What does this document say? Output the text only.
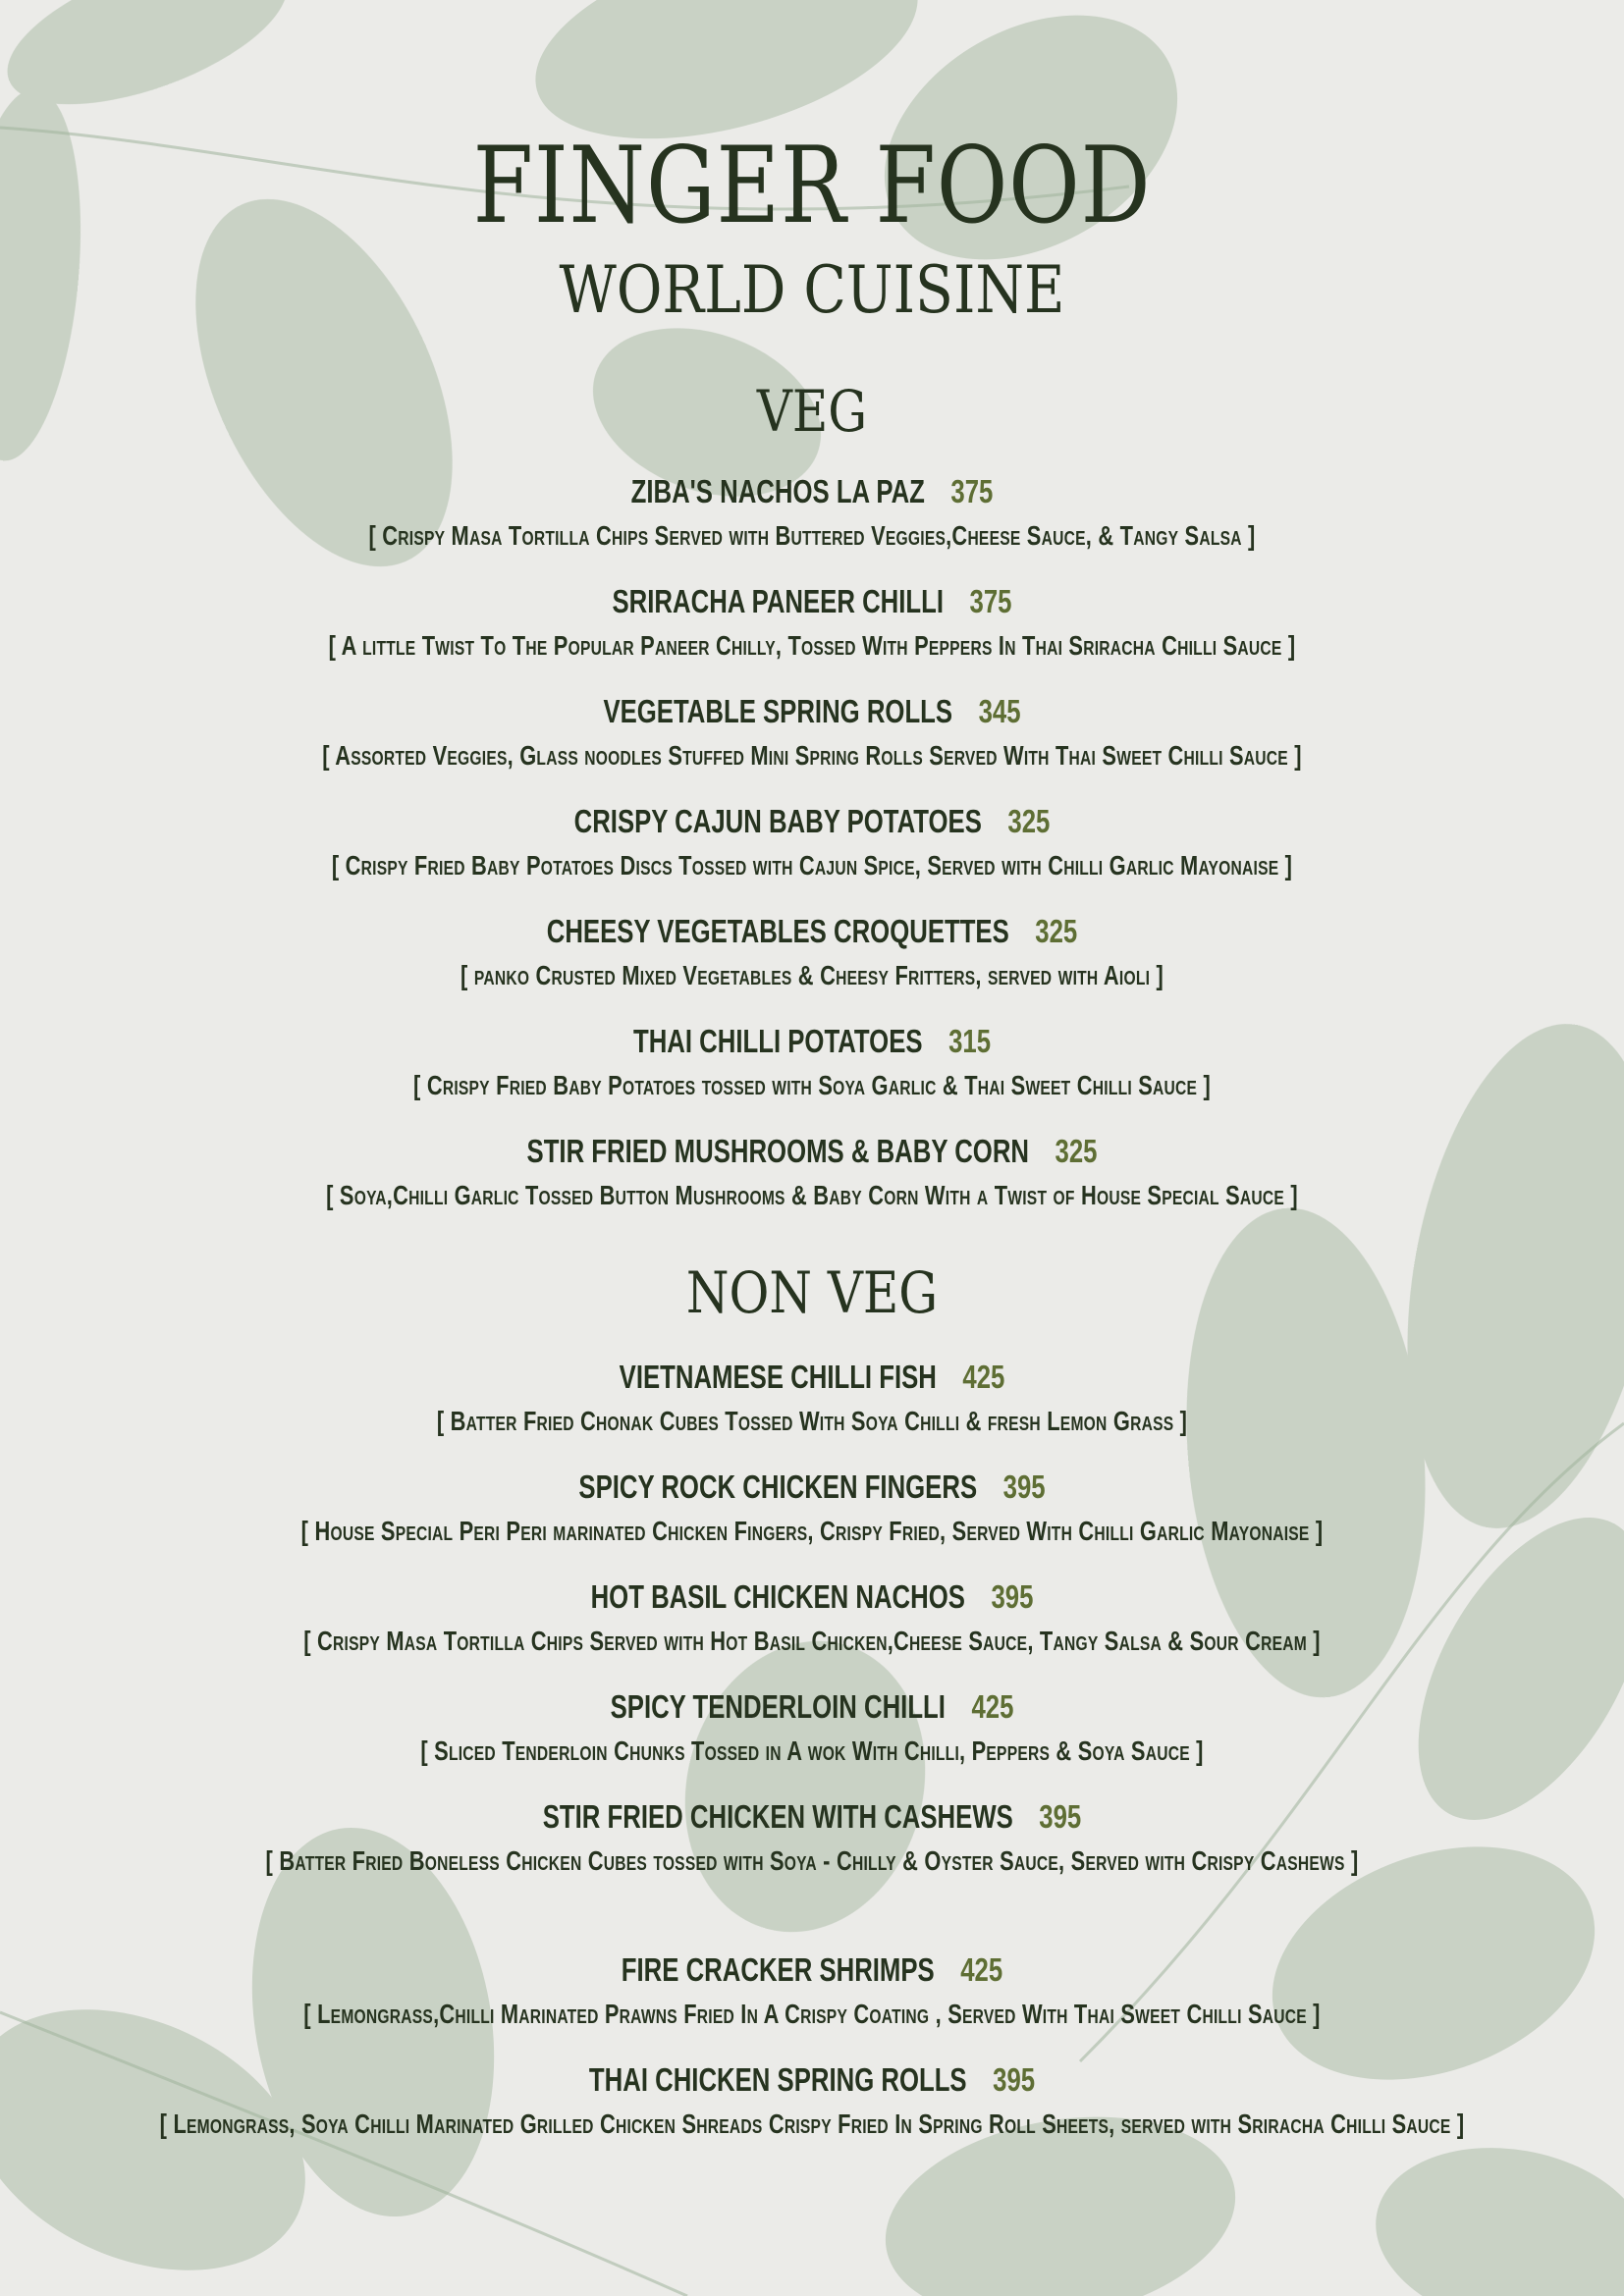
FINGER FOOD
WORLD CUISINE
VEG
ZIBA'S NACHOS LA PAZ 375
[ Crispy Masa Tortilla Chips Served with Buttered Veggies,Cheese Sauce, & Tangy Salsa ]
SRIRACHA PANEER CHILLI 375
[ A little Twist To The Popular Paneer Chilly, Tossed With Peppers In Thai Sriracha Chilli Sauce ]
VEGETABLE SPRING ROLLS 345
[ Assorted Veggies, Glass noodles Stuffed Mini Spring Rolls Served With Thai Sweet Chilli Sauce ]
CRISPY CAJUN BABY POTATOES 325
[ Crispy Fried Baby Potatoes Discs Tossed with Cajun Spice, Served with Chilli Garlic Mayonaise ]
CHEESY VEGETABLES CROQUETTES 325
[ panko Crusted Mixed Vegetables & Cheesy Fritters, served with Aioli ]
THAI CHILLI POTATOES 315
[ Crispy Fried Baby Potatoes tossed with Soya Garlic & Thai Sweet Chilli Sauce ]
STIR FRIED MUSHROOMS & BABY CORN 325
[ Soya,Chilli Garlic Tossed Button Mushrooms & Baby Corn With a Twist of House Special Sauce ]
NON VEG
VIETNAMESE CHILLI FISH 425
[ Batter Fried Chonak Cubes Tossed With Soya Chilli & fresh Lemon Grass ]
SPICY ROCK CHICKEN FINGERS 395
[ House Special Peri Peri marinated Chicken Fingers, Crispy Fried, Served With Chilli Garlic Mayonaise ]
HOT BASIL CHICKEN NACHOS 395
[ Crispy Masa Tortilla Chips Served with Hot Basil Chicken,Cheese Sauce, Tangy Salsa & Sour Cream ]
SPICY TENDERLOIN CHILLI 425
[ Sliced Tenderloin Chunks Tossed in A wok With Chilli, Peppers & Soya Sauce ]
STIR FRIED CHICKEN WITH CASHEWS 395
[ Batter Fried Boneless Chicken Cubes tossed with Soya - Chilly & Oyster Sauce, Served with Crispy Cashews ]
FIRE CRACKER SHRIMPS 425
[ Lemongrass,Chilli Marinated Prawns Fried In A Crispy Coating , Served With Thai Sweet Chilli Sauce ]
THAI CHICKEN SPRING ROLLS 395
[ Lemongrass, Soya Chilli Marinated Grilled Chicken Shreads Crispy Fried In Spring Roll Sheets, served with Sriracha Chilli Sauce ]
